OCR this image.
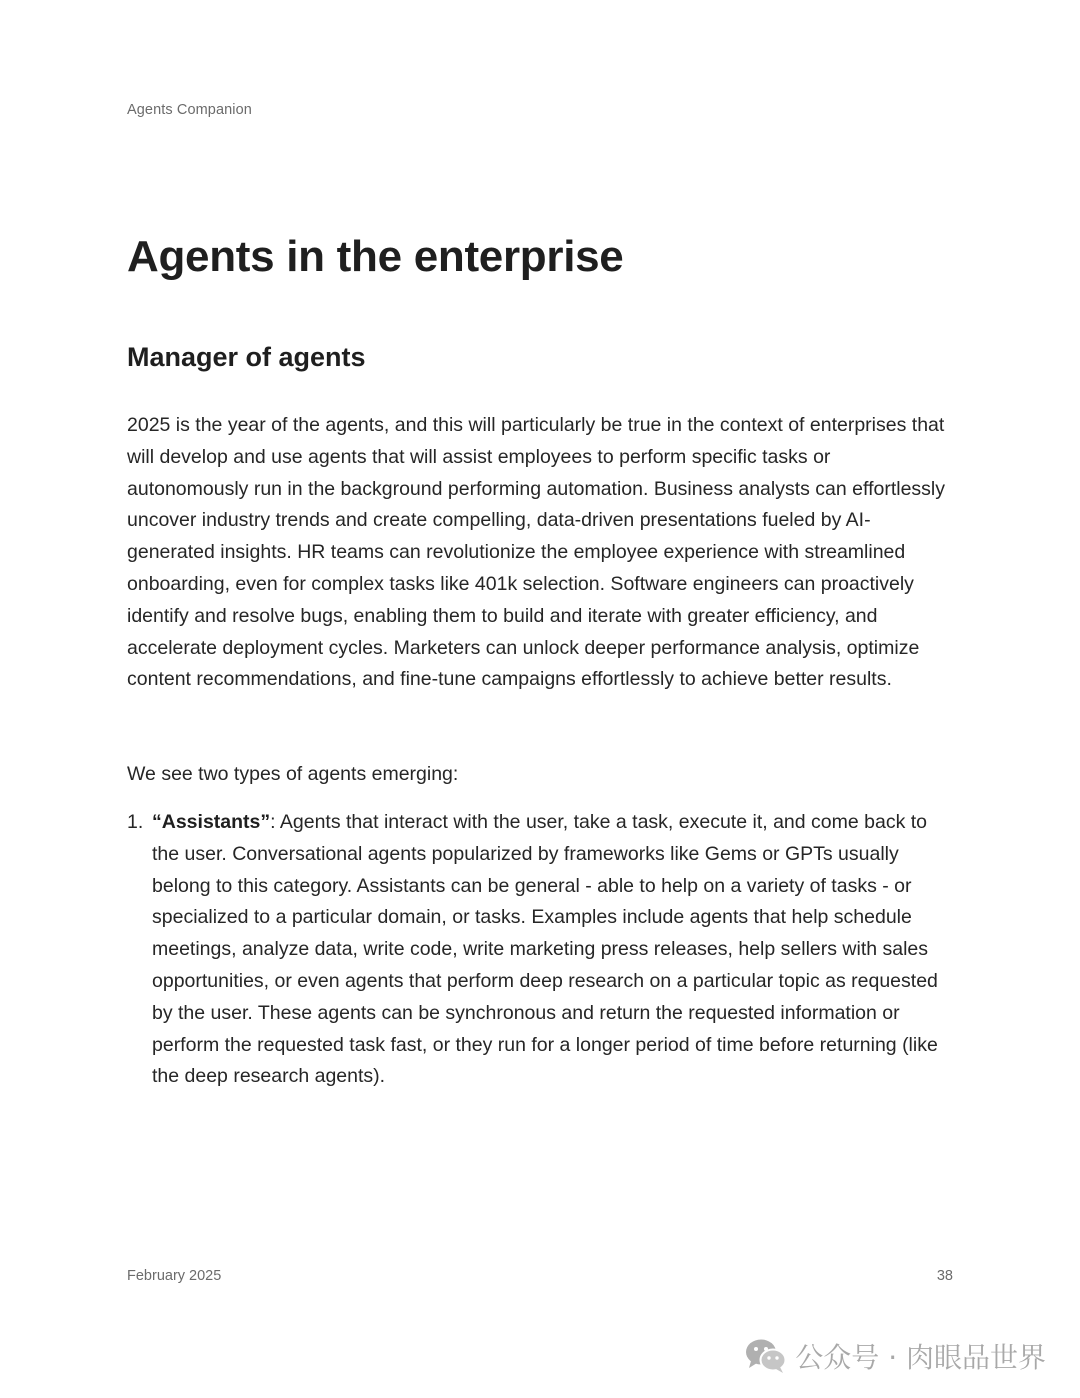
Agents Companion
Agents in the enterprise
Manager of agents

2025 is the year of the agents, and this will particularly be true in the context of enterprises that will develop and use agents that will assist employees to perform specific tasks or autonomously run in the background performing automation. Business analysts can effortlessly uncover industry trends and create compelling, data-driven presentations fueled by AI-generated insights. HR teams can revolutionize the employee experience with streamlined onboarding, even for complex tasks like 401k selection. Software engineers can proactively identify and resolve bugs, enabling them to build and iterate with greater efficiency, and accelerate deployment cycles. Marketers can unlock deeper performance analysis, optimize content recommendations, and fine-tune campaigns effortlessly to achieve better results.

We see two types of agents emerging:

1. “Assistants”: Agents that interact with the user, take a task, execute it, and come back to the user. Conversational agents popularized by frameworks like Gems or GPTs usually belong to this category. Assistants can be general - able to help on a variety of tasks - or specialized to a particular domain, or tasks. Examples include agents that help schedule meetings, analyze data, write code, write marketing press releases, help sellers with sales opportunities, or even agents that perform deep research on a particular topic as requested by the user. These agents can be synchronous and return the requested information or perform the requested task fast, or they run for a longer period of time before returning (like the deep research agents).
February 2025	38
公众号 · 肉眼品世界
